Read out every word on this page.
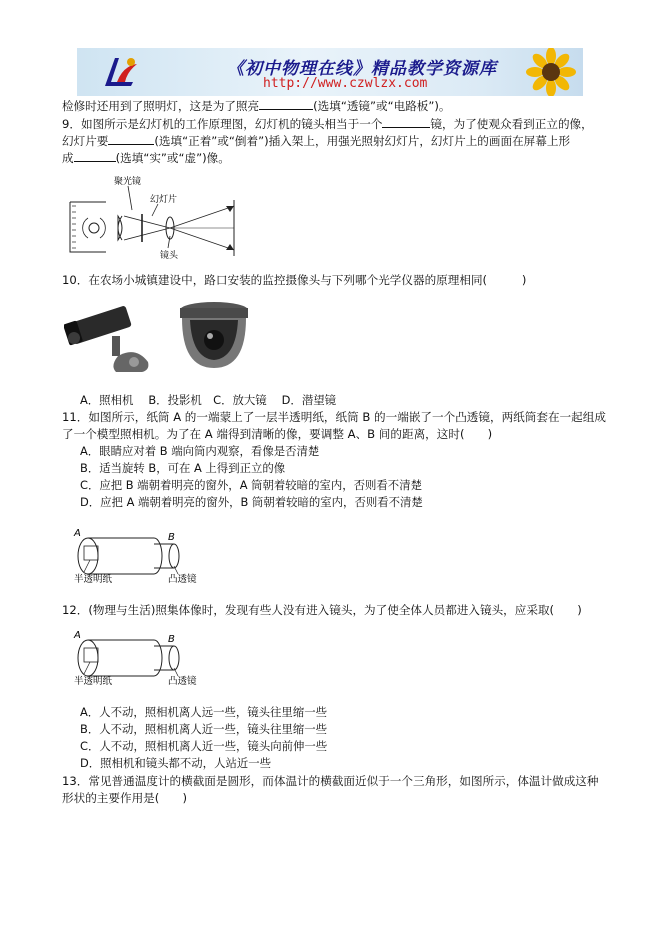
《初中物理在线》精品教学资源库
http://www.czwlzx.com
检修时还用到了照明灯，这是为了照亮	(选填“透镜”或“电路板”)。
9．如图所示是幻灯机的工作原理图，幻灯机的镜头相当于一个	镜，为了使观众看到正立的像，
幻灯片要	(选填“正着”或“倒着”)插入架上，用强光照射幻灯片，幻灯片上的画面在屏幕上形
成	(选填“实”或“虚”)像。
聚光镜
幻灯片
镜头
10．在农场小城镇建设中，路口安装的监控摄像头与下列哪个光学仪器的原理相同(　　　)
A．照相机　 B．投影机　C．放大镜　 D．潜望镜
11．如图所示，纸筒 A 的一端蒙上了一层半透明纸，纸筒 B 的一端嵌了一个凸透镜，两纸筒套在一起组成
了一个模型照相机。为了在 A 端得到清晰的像，要调整 A、B 间的距离，这时(　　)
A．眼睛应对着 B 端向筒内观察，看像是否清楚
B．适当旋转 B，可在 A 上得到正立的像
C．应把 B 端朝着明亮的窗外，A 筒朝着较暗的室内，否则看不清楚
D．应把 A 端朝着明亮的窗外，B 筒朝着较暗的室内，否则看不清楚
A	B
半透明纸	凸透镜
12．(物理与生活)照集体像时，发现有些人没有进入镜头，为了使全体人员都进入镜头，应采取(　　)
A	B
半透明纸	凸透镜
A．人不动，照相机离人远一些，镜头往里缩一些
B．人不动，照相机离人近一些，镜头往里缩一些
C．人不动，照相机离人近一些，镜头向前伸一些
D．照相机和镜头都不动，人站近一些
13．常见普通温度计的横截面是圆形，而体温计的横截面近似于一个三角形，如图所示，体温计做成这种
形状的主要作用是(　　)
